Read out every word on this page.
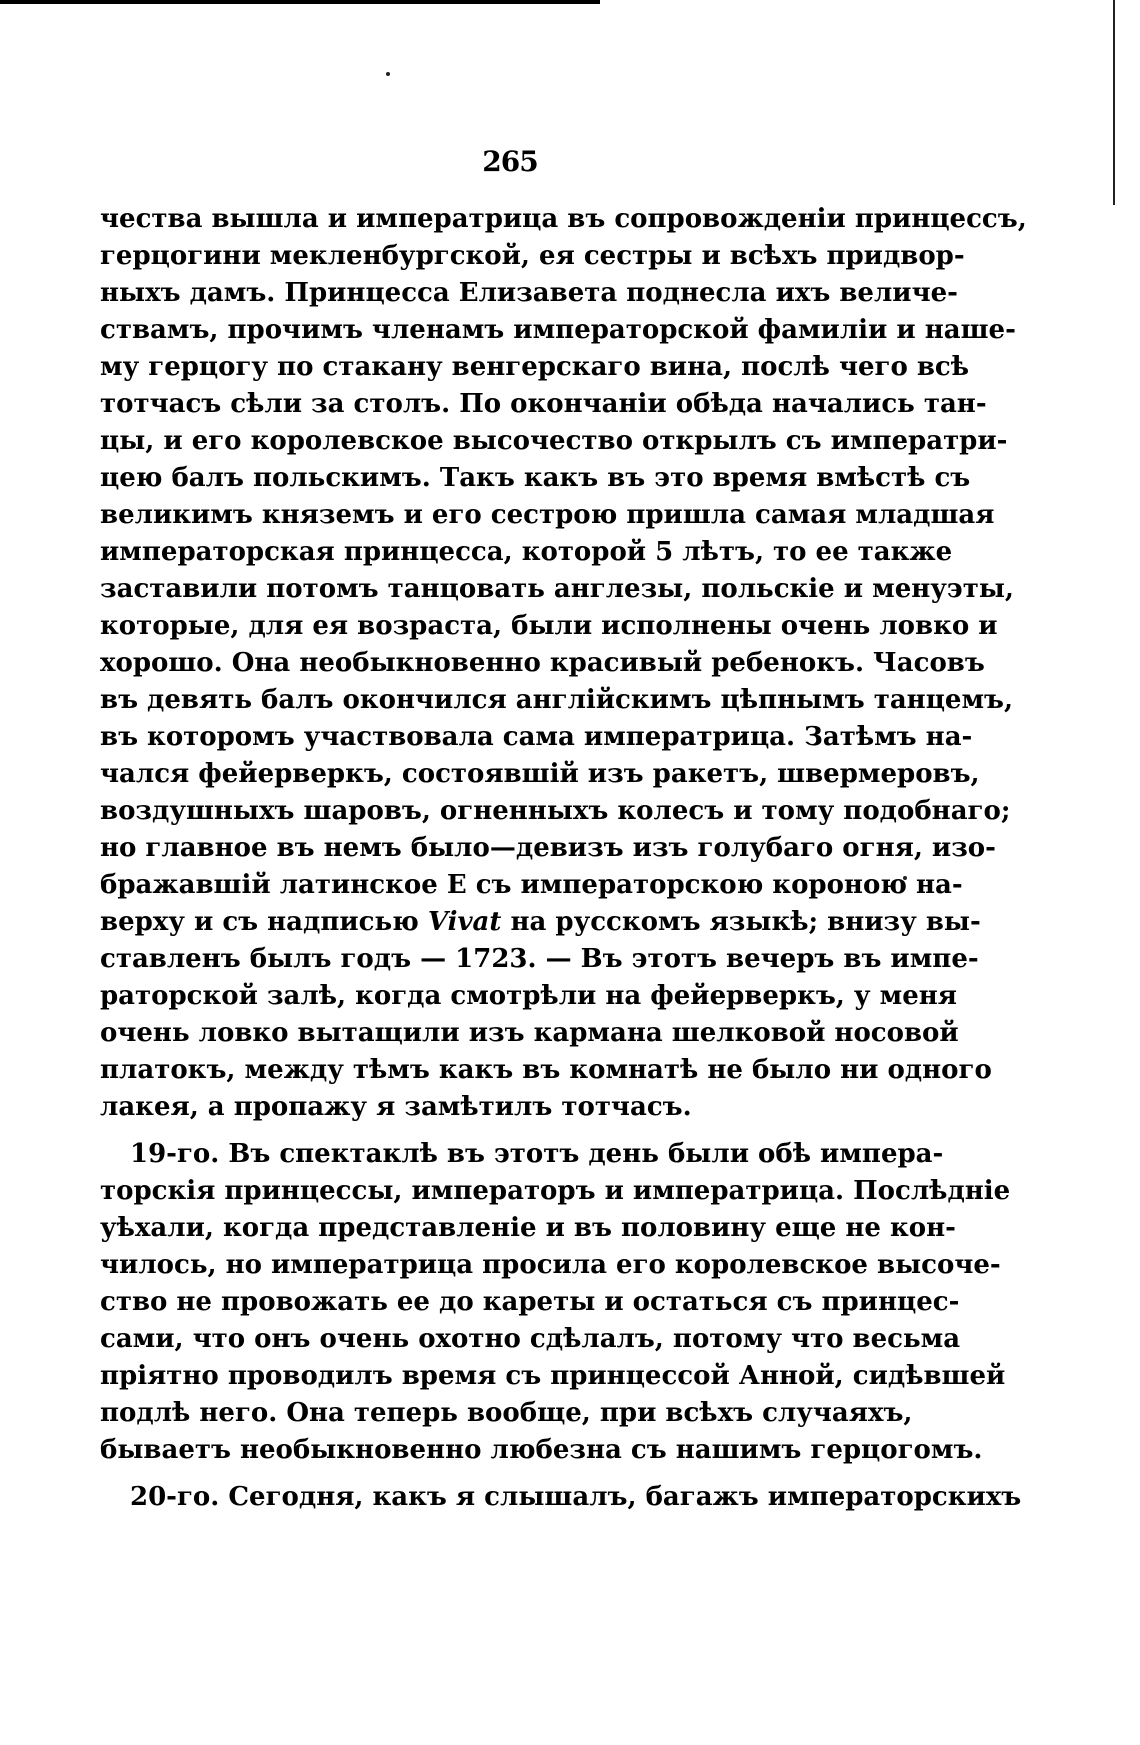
265
чества вышла и императрица въ сопровожденіи принцессъ,
герцогини мекленбургской, ея сестры и всѣхъ придвор-
ныхъ дамъ. Принцесса Елизавета поднесла ихъ величе-
ствамъ, прочимъ членамъ императорской фамиліи и нашe-
му герцогу по стакану венгерскаго вина, послѣ чего всѣ
тотчасъ сѣли за столъ. По окончаніи обѣда начались тан-
цы, и его королевское высочество открылъ съ императри-
цею балъ польскимъ. Такъ какъ въ это время вмѣстѣ съ
великимъ княземъ и его сестрою пришла самая младшая
императорская принцесса, которой 5 лѣтъ, то ее также
заставили потомъ танцовать англезы, польскіе и менуэты,
которые, для ея возраста, были исполнены очень ловко и
хорошо. Она необыкновенно красивый ребенокъ. Часовъ
въ девять балъ окончился англійскимъ цѣпнымъ танцемъ,
въ которомъ участвовала сама императрица. Затѣмъ на-
чался фейерверкъ, состоявшій изъ ракетъ, швермеровъ,
воздушныхъ шаровъ, огненныхъ колесъ и тому подобнаго;
но главное въ немъ было—девизъ изъ голубаго огня, изо-
бражавшій латинское Е съ императорскою короною на-
верху и съ надписью Vivat на русскомъ языкѣ; внизу вы-
ставленъ былъ годъ — 1723. — Въ этотъ вечеръ въ импе-
раторской залѣ, когда смотрѣли на фейерверкъ, у меня
очень ловко вытащили изъ кармана шелковой носовой
платокъ, между тѣмъ какъ въ комнатѣ не было ни одного
лакея, а пропажу я замѣтилъ тотчасъ.
19-го. Въ спектаклѣ въ этотъ день были обѣ импера-
торскія принцессы, императоръ и императрица. Послѣдніе
уѣхали, когда представленіе и въ половину еще не кон-
чилось, но императрица просила его королевское высоче-
ство не провожать ее до кареты и остаться съ принцес-
сами, что онъ очень охотно сдѣлалъ, потому что весьма
пріятно проводилъ время съ принцессой Анной, сидѣвшей
подлѣ него. Она теперь вообще, при всѣхъ случаяхъ,
бываетъ необыкновенно любезна съ нашимъ герцогомъ.
20-го. Сегодня, какъ я слышалъ, багажъ императорскихъ
